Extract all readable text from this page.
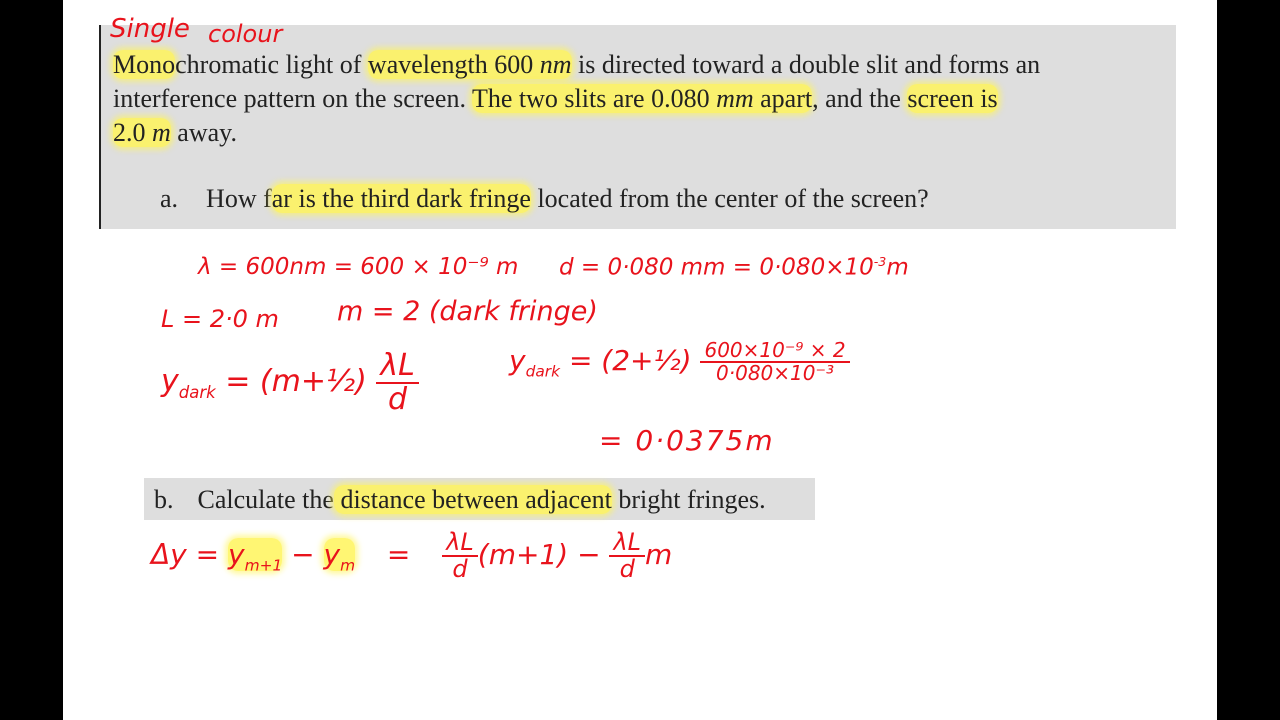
Single colour
Monochromatic light of wavelength 600 nm is directed toward a double slit and forms an
interference pattern on the screen. The two slits are 0.080 mm apart, and the screen is
2.0 m away.
a. How far is the third dark fringe located from the center of the screen?
λ = 600nm = 600 × 10⁻⁹ m d = 0·080 mm = $0\cdot 080\times 10^{-3}m$
L = 2·0 m m = 2 (dark fringe)
$y_{dark}$ = (m+½) $\frac{\lambda L}{d}$	$y_{dark}$ = (2+½) $\frac{\text{600×10⁻⁹ × 2}}{\text{0·080×10⁻³}}$
= 0·0375m
b. Calculate the distance between adjacent bright fringes.
$\Delta y = y_{m+1} - y_m = \frac{\lambda L}{d} (m+1) - \frac{\lambda L}{d}$ m
